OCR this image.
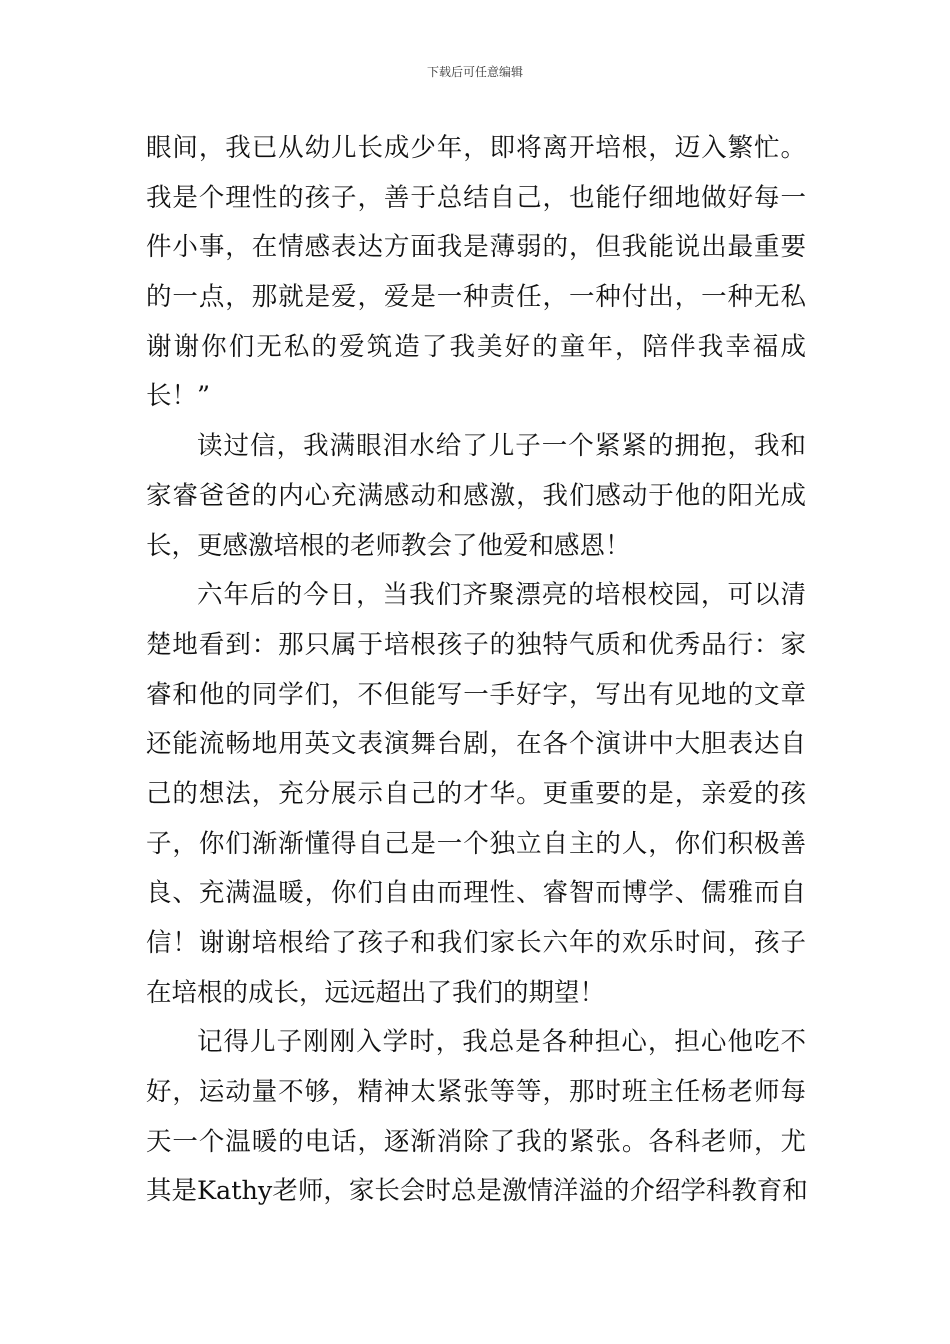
下载后可任意编辑
眼间，我已从幼儿长成少年，即将离开培根，迈入繁忙。
我是个理性的孩子，善于总结自己，也能仔细地做好每一
件小事，在情感表达方面我是薄弱的，但我能说出最重要
的一点，那就是爱，爱是一种责任，一种付出，一种无私
谢谢你们无私的爱筑造了我美好的童年，陪伴我幸福成
长！”
读过信，我满眼泪水给了儿子一个紧紧的拥抱，我和
家睿爸爸的内心充满感动和感激，我们感动于他的阳光成
长，更感激培根的老师教会了他爱和感恩！
六年后的今日，当我们齐聚漂亮的培根校园，可以清
楚地看到：那只属于培根孩子的独特气质和优秀品行：家
睿和他的同学们，不但能写一手好字，写出有见地的文章
还能流畅地用英文表演舞台剧，在各个演讲中大胆表达自
己的想法，充分展示自己的才华。更重要的是，亲爱的孩
子，你们渐渐懂得自己是一个独立自主的人，你们积极善
良、充满温暖，你们自由而理性、睿智而博学、儒雅而自
信！谢谢培根给了孩子和我们家长六年的欢乐时间，孩子
在培根的成长，远远超出了我们的期望！
记得儿子刚刚入学时，我总是各种担心，担心他吃不
好，运动量不够，精神太紧张等等，那时班主任杨老师每
天一个温暖的电话，逐渐消除了我的紧张。各科老师，尤
其是Kathy老师，家长会时总是激情洋溢的介绍学科教育和
